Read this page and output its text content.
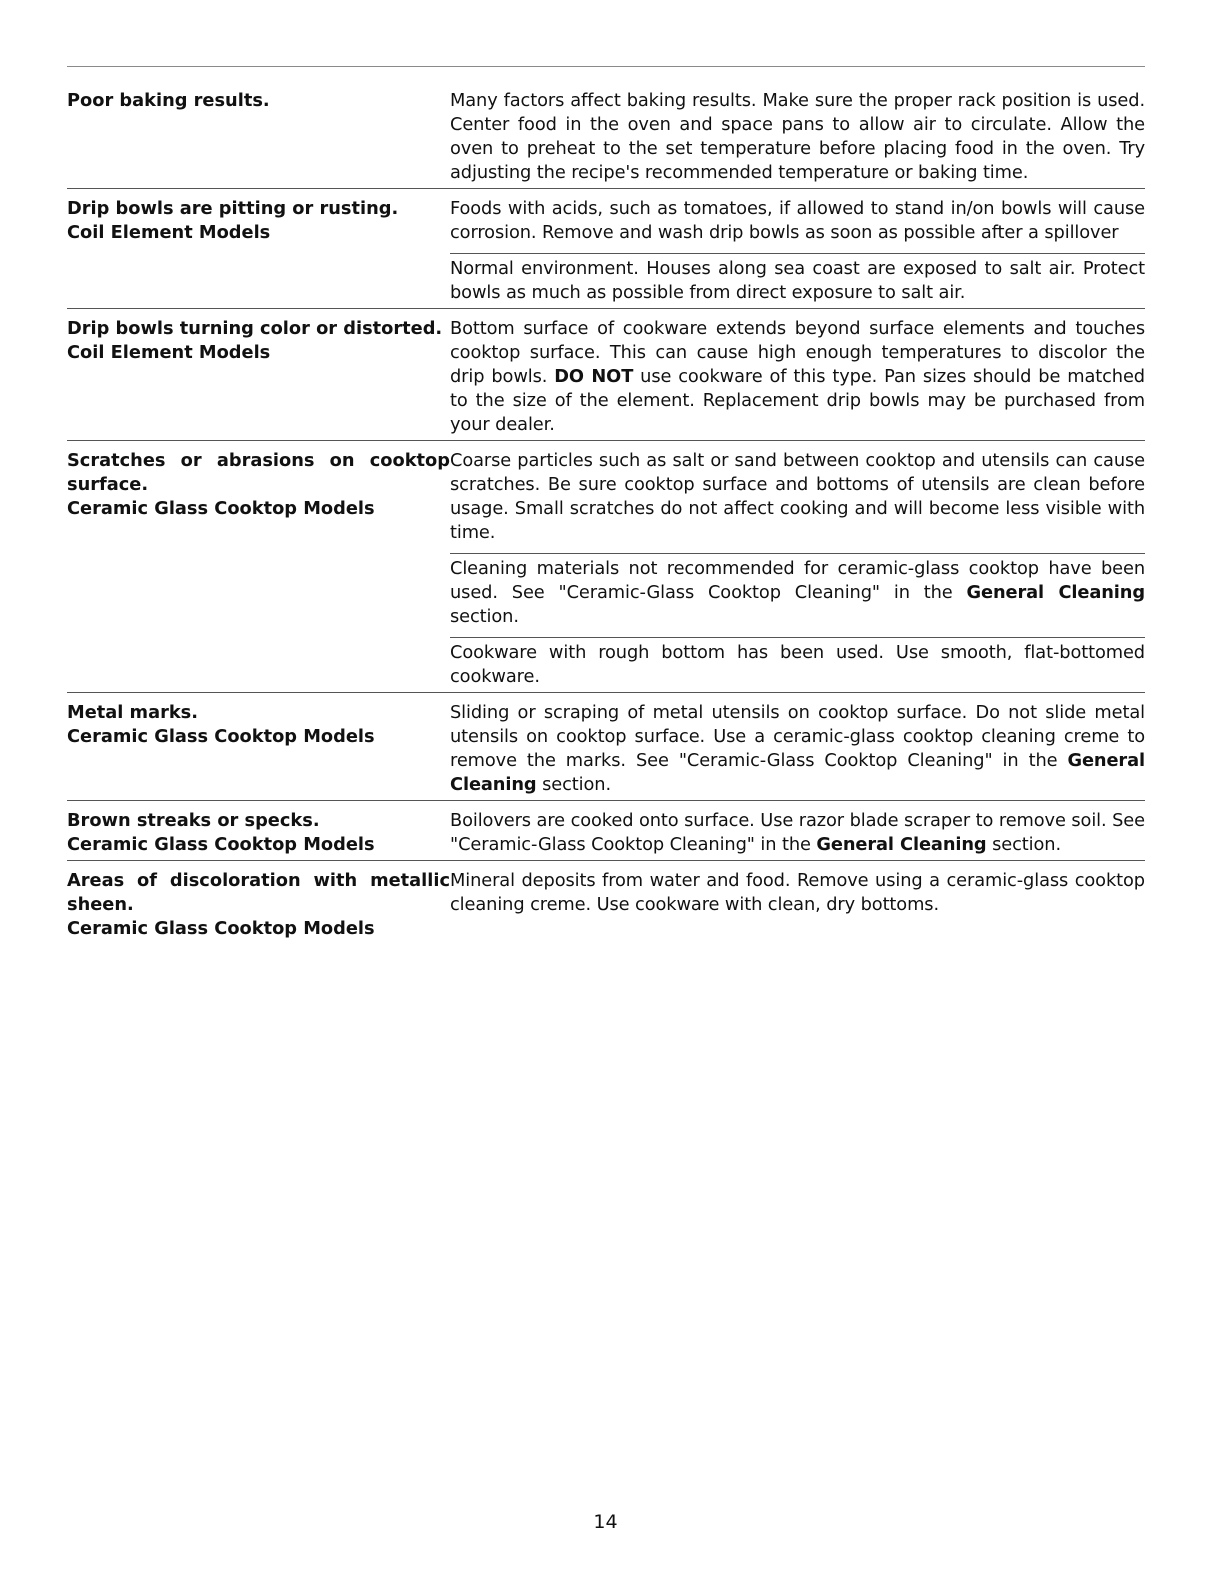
Poor baking results.	Many factors affect baking results. Make sure the proper rack position is used. Center food in the oven and space pans to allow air to circulate. Allow the oven to preheat to the set temperature before placing food in the oven. Try adjusting the recipe's recommended temperature or baking time.
Drip bowls are pitting or rusting.
Coil Element Models
Foods with acids, such as tomatoes, if allowed to stand in/on bowls will cause corrosion. Remove and wash drip bowls as soon as possible after a spillover
Normal environment. Houses along sea coast are exposed to salt air. Protect bowls as much as possible from direct exposure to salt air.
Drip bowls turning color or distorted.
Coil Element Models
Bottom surface of cookware extends beyond surface elements and touches cooktop surface. This can cause high enough temperatures to discolor the drip bowls. DO NOT use cookware of this type. Pan sizes should be matched to the size of the element. Replacement drip bowls may be purchased from your dealer.
Scratches or abrasions on cooktop surface.
Ceramic Glass Cooktop Models
Coarse particles such as salt or sand between cooktop and utensils can cause scratches. Be sure cooktop surface and bottoms of utensils are clean before usage. Small scratches do not affect cooking and will become less visible with time.
Cleaning materials not recommended for ceramic-glass cooktop have been used. See "Ceramic-Glass Cooktop Cleaning" in the General Cleaning section.
Cookware with rough bottom has been used. Use smooth, flat-bottomed cookware.
Metal marks.
Ceramic Glass Cooktop Models
Sliding or scraping of metal utensils on cooktop surface. Do not slide metal utensils on cooktop surface. Use a ceramic-glass cooktop cleaning creme to remove the marks. See "Ceramic-Glass Cooktop Cleaning" in the General Cleaning section.
Brown streaks or specks.
Ceramic Glass Cooktop Models
Boilovers are cooked onto surface. Use razor blade scraper to remove soil. See "Ceramic-Glass Cooktop Cleaning" in the General Cleaning section.
Areas of discoloration with metallic sheen.
Ceramic Glass Cooktop Models
Mineral deposits from water and food. Remove using a ceramic-glass cooktop cleaning creme. Use cookware with clean, dry bottoms.
14
